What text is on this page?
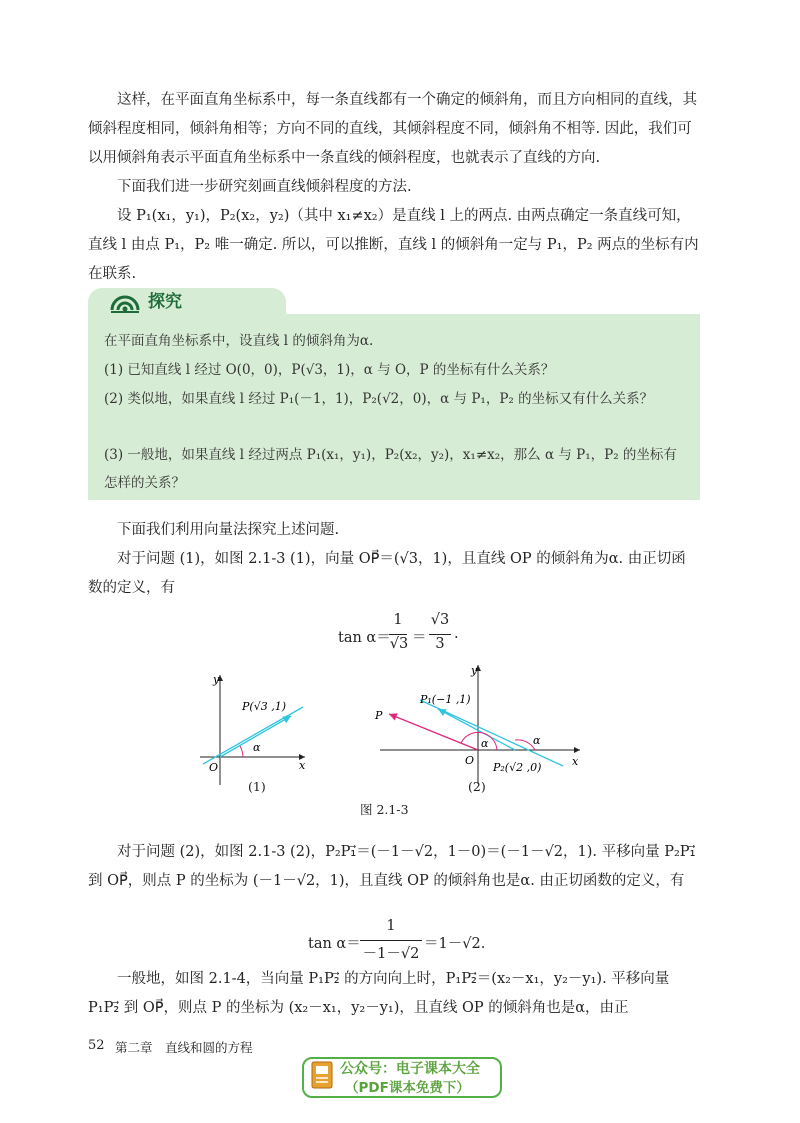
这样，在平面直角坐标系中，每一条直线都有一个确定的倾斜角，而且方向相同的直线，其倾斜程度相同，倾斜角相等；方向不同的直线，其倾斜程度不同，倾斜角不相等. 因此，我们可以用倾斜角表示平面直角坐标系中一条直线的倾斜程度，也就表示了直线的方向.

下面我们进一步研究刻画直线倾斜程度的方法.

设 P₁(x₁，y₁)，P₂(x₂，y₂)（其中 x₁≠x₂）是直线 l 上的两点. 由两点确定一条直线可知，直线 l 由点 P₁，P₂ 唯一确定. 所以，可以推断，直线 l 的倾斜角一定与 P₁，P₂ 两点的坐标有内在联系.

探究

在平面直角坐标系中，设直线 l 的倾斜角为α.

(1) 已知直线 l 经过 O(0，0)，P(√3，1)，α 与 O，P 的坐标有什么关系？

(2) 类似地，如果直线 l 经过 P₁(－1，1)，P₂(√2，0)，α 与 P₁，P₂ 的坐标又有什么关系？

(3) 一般地，如果直线 l 经过两点 P₁(x₁，y₁)，P₂(x₂，y₂)，x₁≠x₂，那么 α 与 P₁，P₂ 的坐标有怎样的关系？

下面我们利用向量法探究上述问题.

对于问题 (1)，如图 2.1-3 (1)，向量 OP⃗＝(√3，1)，且直线 OP 的倾斜角为α. 由正切函数的定义，有

tan α＝
1
√3 ＝
√3
3
.
y
x
O
P(√3 ,1)
α
y
x
O
P
P₁(−1 ,1)
P₂(√2 ,0)
α	α
(1)	(2)
图 2.1-3

对于问题 (2)，如图 2.1-3 (2)，P₂P₁⃗＝(－1－√2，1－0)＝(－1－√2，1). 平移向量 P₂P₁⃗ 到 OP⃗，则点 P 的坐标为 (－1－√2，1)，且直线 OP 的倾斜角也是α. 由正切函数的定义，有

tan α＝
1
－1－√2
＝1－√2.

一般地，如图 2.1-4，当向量 P₁P₂⃗ 的方向向上时，P₁P₂⃗＝(x₂－x₁，y₂－y₁). 平移向量 P₁P₂⃗ 到 OP⃗，则点 P 的坐标为 (x₂－x₁，y₂－y₁)，且直线 OP 的倾斜角也是α，由正

52 第二章　直线和圆的方程
公众号：电子课本大全
（PDF课本免费下）
